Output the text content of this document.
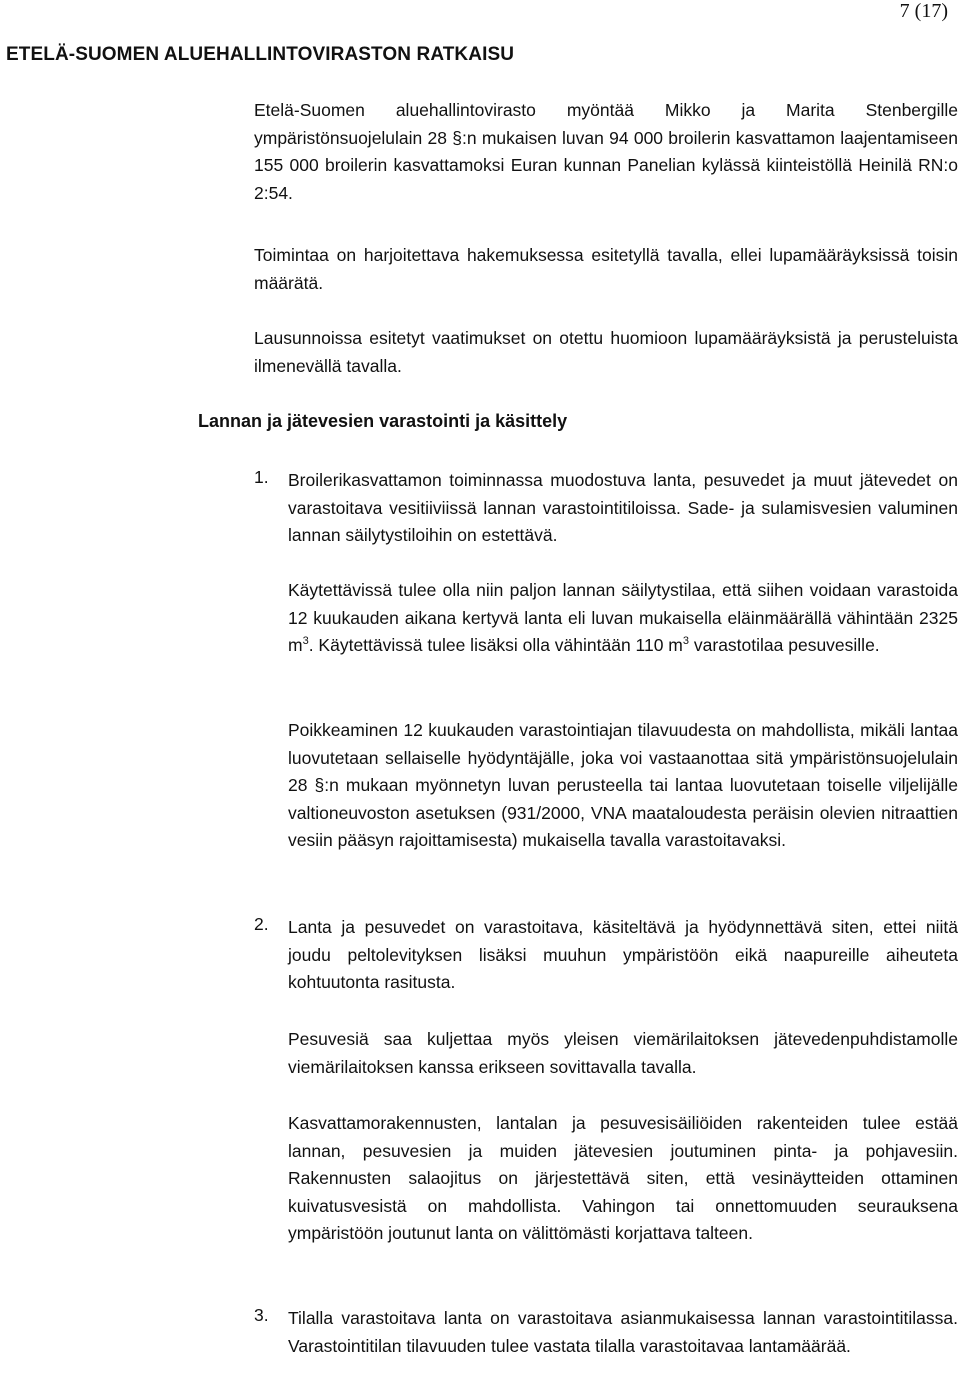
7 (17)
ETELÄ-SUOMEN ALUEHALLINTOVIRASTON RATKAISU
Etelä-Suomen aluehallintovirasto myöntää Mikko ja Marita Stenbergille ympäristönsuojelulain 28 §:n mukaisen luvan 94 000 broilerin kasvattamon laajentamiseen 155 000 broilerin kasvattamoksi Euran kunnan Panelian kylässä kiinteistöllä Heinilä RN:o 2:54.
Toimintaa on harjoitettava hakemuksessa esitetyllä tavalla, ellei lupamääräyksissä toisin määrätä.
Lausunnoissa esitetyt vaatimukset on otettu huomioon lupamääräyksistä ja perusteluista ilmenevällä tavalla.
Lannan ja jätevesien varastointi ja käsittely
1. Broilerikasvattamon toiminnassa muodostuva lanta, pesuvedet ja muut jätevedet on varastoitava vesitiiviissä lannan varastointitiloissa. Sade- ja sulamisvesien valuminen lannan säilytystiloihin on estettävä.
Käytettävissä tulee olla niin paljon lannan säilytystilaa, että siihen voidaan varastoida 12 kuukauden aikana kertyvä lanta eli luvan mukaisella eläinmäärällä vähintään 2325 $m^3$. Käytettävissä tulee lisäksi olla vähintään 110 $m^3$ varastotilaa pesuvesille.
Poikkeaminen 12 kuukauden varastointiajan tilavuudesta on mahdollista, mikäli lantaa luovutetaan sellaiselle hyödyntäjälle, joka voi vastaanottaa sitä ympäristönsuojelulain 28 §:n mukaan myönnetyn luvan perusteella tai lantaa luovutetaan toiselle viljelijälle valtioneuvoston asetuksen (931/2000, VNA maataloudesta peräisin olevien nitraattien vesiin pääsyn rajoittamisesta) mukaisella tavalla varastoitavaksi.
2. Lanta ja pesuvedet on varastoitava, käsiteltävä ja hyödynnettävä siten, ettei niitä joudu peltolevityksen lisäksi muuhun ympäristöön eikä naapureille aiheuteta kohtuutonta rasitusta.
Pesuvesiä saa kuljettaa myös yleisen viemärilaitoksen jätevedenpuhdistamolle viemärilaitoksen kanssa erikseen sovittavalla tavalla.
Kasvattamorakennusten, lantalan ja pesuvesisäiliöiden rakenteiden tulee estää lannan, pesuvesien ja muiden jätevesien joutuminen pinta- ja pohjavesiin. Rakennusten salaojitus on järjestettävä siten, että vesinäytteiden ottaminen kuivatusvesistä on mahdollista. Vahingon tai onnettomuuden seurauksena ympäristöön joutunut lanta on välittömästi korjattava talteen.
3. Tilalla varastoitava lanta on varastoitava asianmukaisessa lannan varastointitilassa. Varastointitilan tilavuuden tulee vastata tilalla varastoitavaa lantamäärää.
